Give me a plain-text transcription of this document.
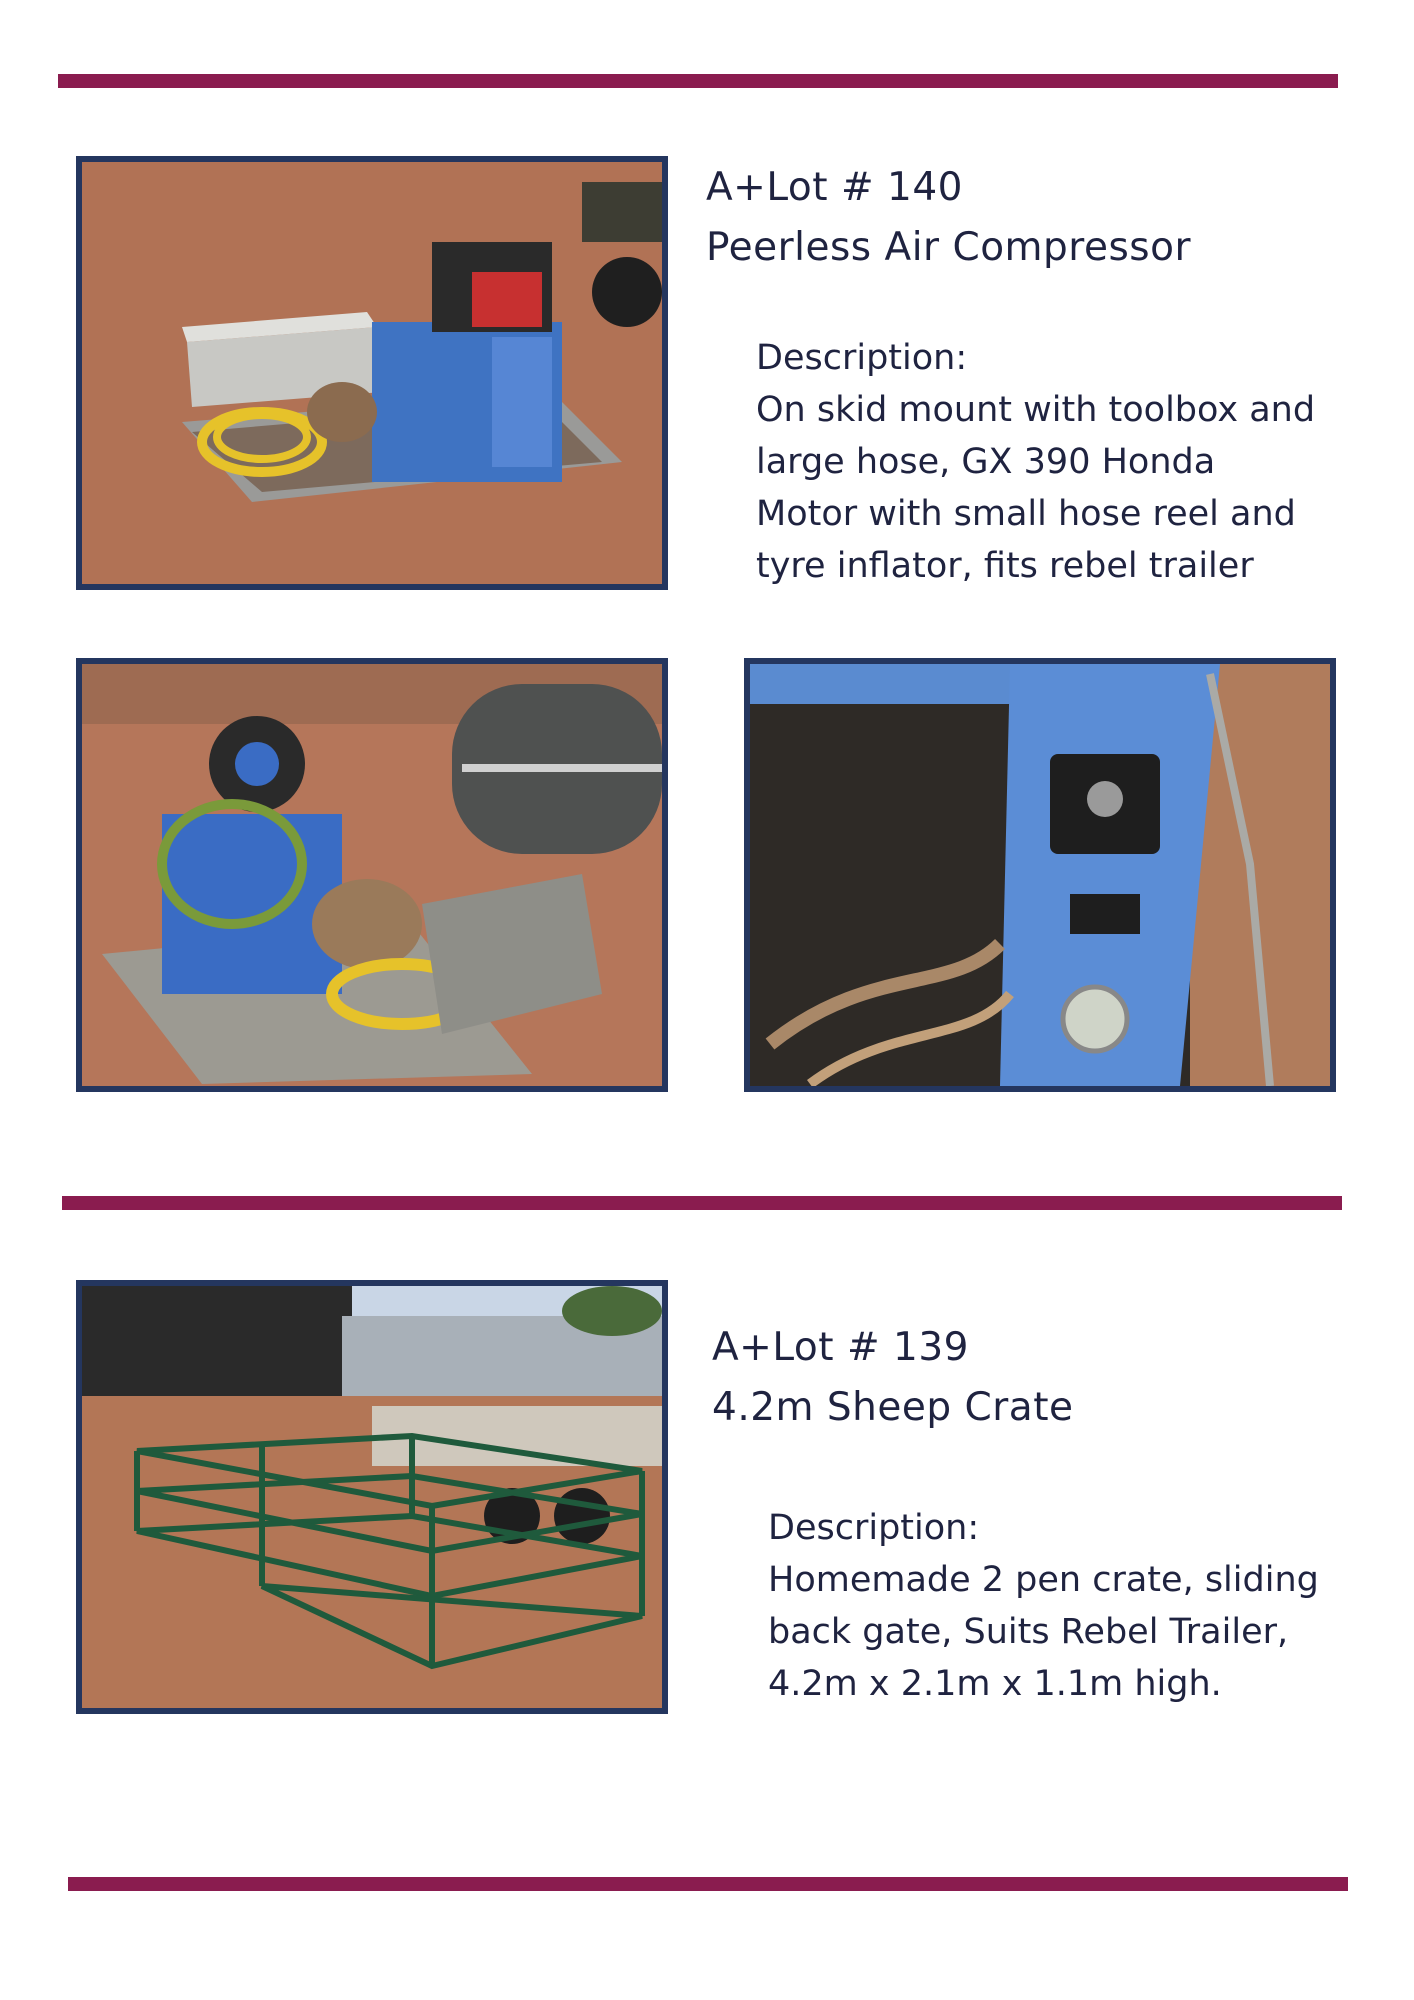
A+Lot # 140
Peerless Air Compressor
Description:
On skid mount with toolbox and
large hose, GX 390 Honda
Motor with small hose reel and
tyre inflator, fits rebel trailer
A+Lot # 139
4.2m Sheep Crate
Description:
Homemade 2 pen crate, sliding
back gate, Suits Rebel Trailer,
4.2m x 2.1m x 1.1m high.
